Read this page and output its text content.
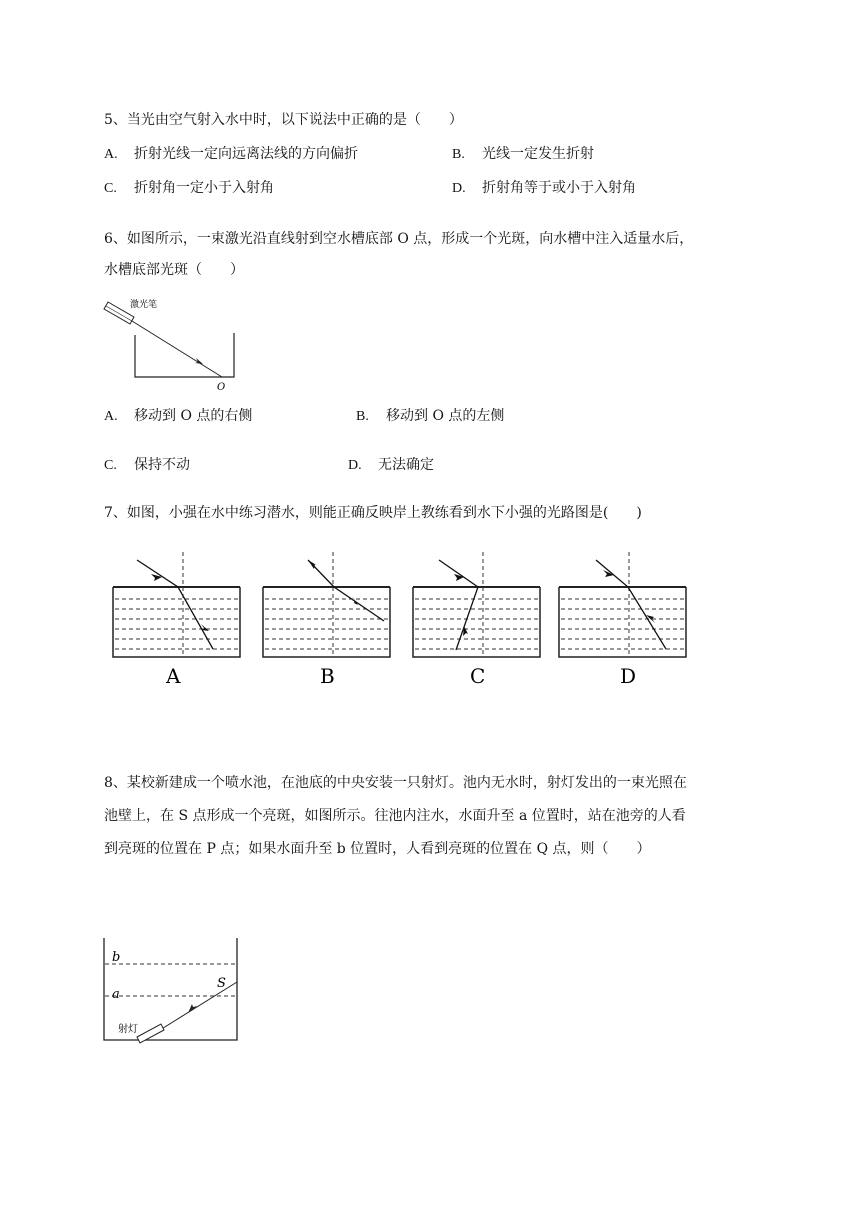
5、当光由空气射入水中时，以下说法中正确的是（　　）
A. 折射光线一定向远离法线的方向偏折	B. 光线一定发生折射
C. 折射角一定小于入射角	D. 折射角等于或小于入射角
6、如图所示，一束激光沿直线射到空水槽底部 O 点，形成一个光斑，向水槽中注入适量水后，
水槽底部光斑（　　）
激光笔
O
A. 移动到 O 点的右侧	B. 移动到 O 点的左侧
C. 保持不动	D. 无法确定
7、如图，小强在水中练习潜水，则能正确反映岸上教练看到水下小强的光路图是(　　)
A	B	C	D
8、某校新建成一个喷水池，在池底的中央安装一只射灯。池内无水时，射灯发出的一束光照在
池壁上，在 S 点形成一个亮斑，如图所示。往池内注水，水面升至 a 位置时，站在池旁的人看
到亮斑的位置在 P 点；如果水面升至 b 位置时，人看到亮斑的位置在 Q 点，则（　　）
b
a
S
射灯
